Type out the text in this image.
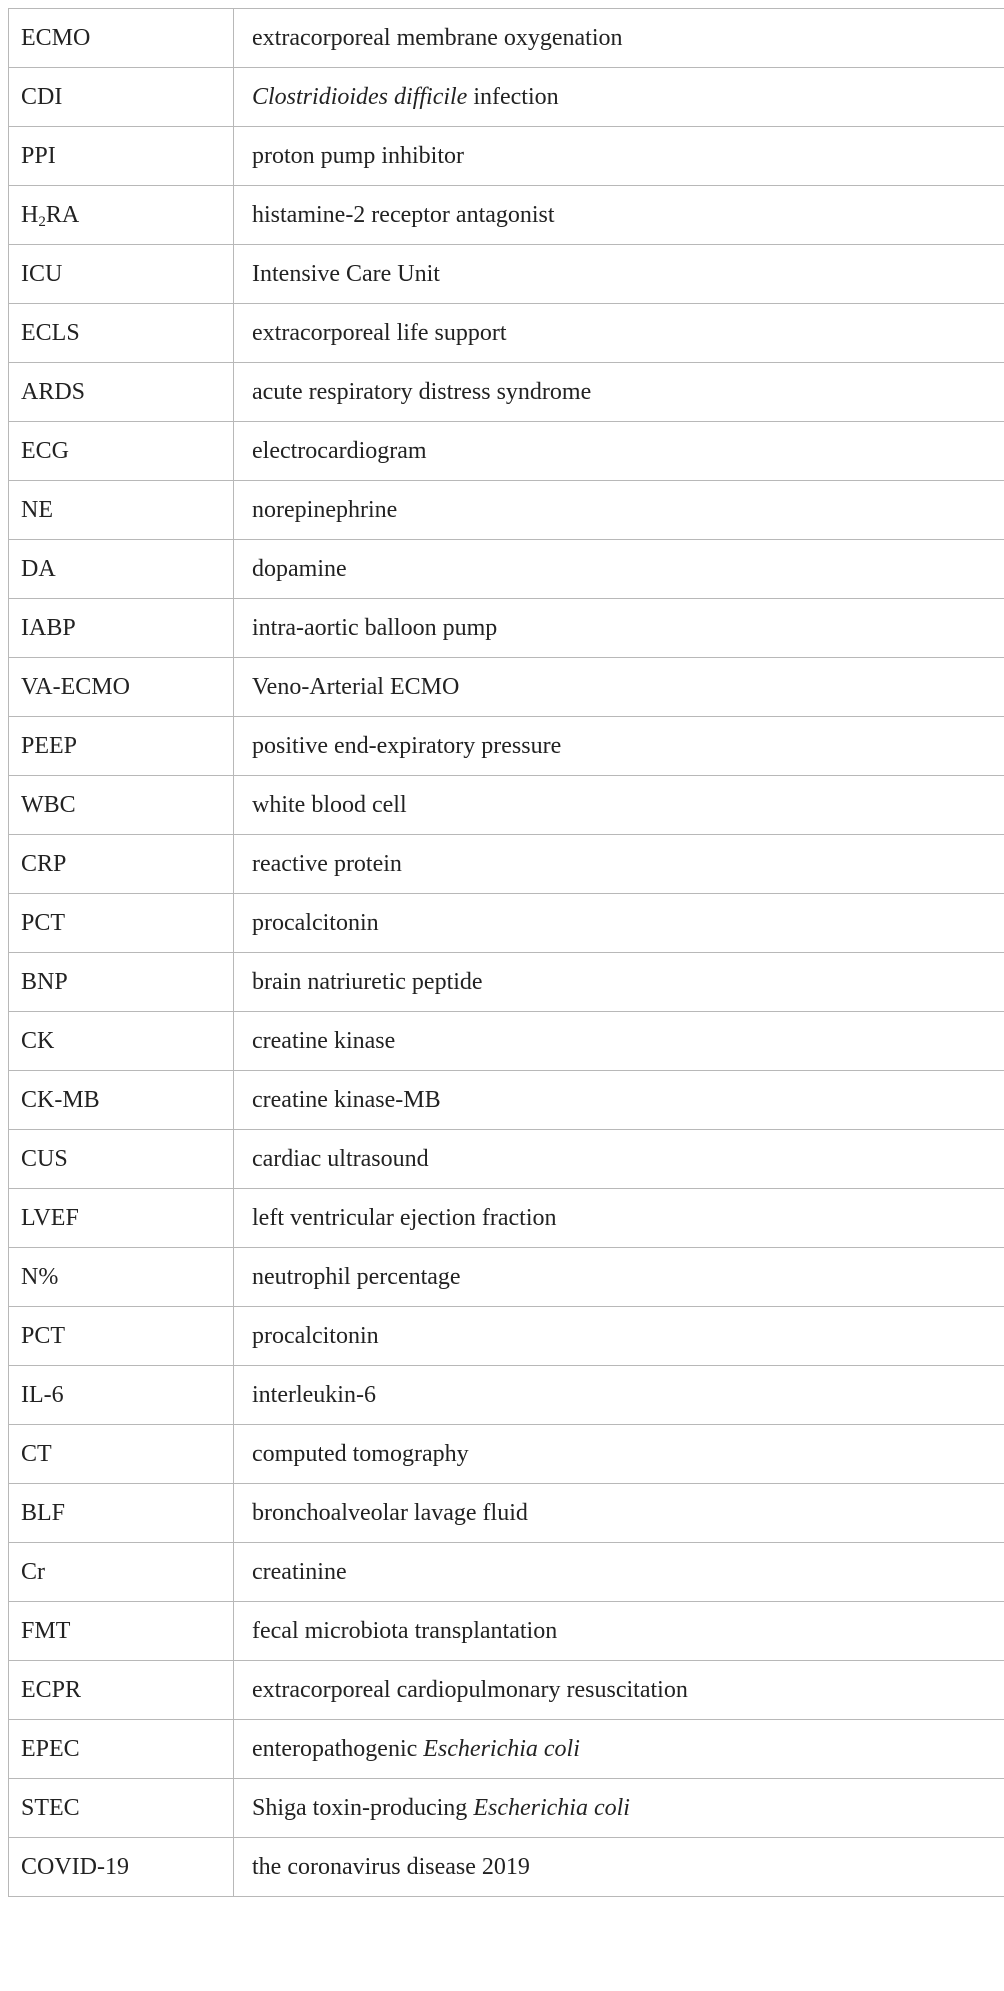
ECMO	extracorporeal membrane oxygenation
CDI	Clostridioides difficile infection
PPI	proton pump inhibitor
$H_2RA$	histamine-2 receptor antagonist
ICU	Intensive Care Unit
ECLS	extracorporeal life support
ARDS	acute respiratory distress syndrome
ECG	electrocardiogram
NE	norepinephrine
DA	dopamine
IABP	intra-aortic balloon pump
VA-ECMO	Veno-Arterial ECMO
PEEP	positive end-expiratory pressure
WBC	white blood cell
CRP	reactive protein
PCT	procalcitonin
BNP	brain natriuretic peptide
CK	creatine kinase
CK-MB	creatine kinase-MB
CUS	cardiac ultrasound
LVEF	left ventricular ejection fraction
N%	neutrophil percentage
PCT	procalcitonin
IL-6	interleukin-6
CT	computed tomography
BLF	bronchoalveolar lavage fluid
Cr	creatinine
FMT	fecal microbiota transplantation
ECPR	extracorporeal cardiopulmonary resuscitation
EPEC	enteropathogenic Escherichia coli
STEC	Shiga toxin-producing Escherichia coli
COVID-19	the coronavirus disease 2019
